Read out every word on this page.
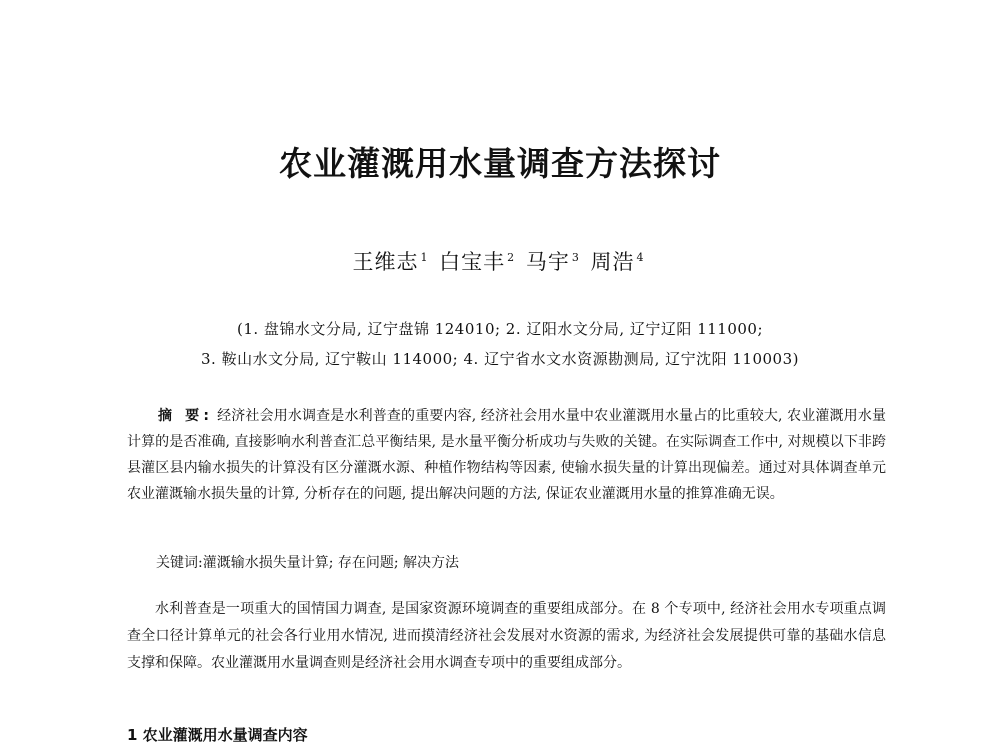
农业灌溉用水量调查方法探讨
王维志 $^1$ 白宝丰 $^2$ 马宇 $^3$ 周浩 $^4$
(1. 盘锦水文分局, 辽宁盘锦 124010; 2. 辽阳水文分局, 辽宁辽阳 111000;
3. 鞍山水文分局, 辽宁鞍山 114000; 4. 辽宁省水文水资源勘测局, 辽宁沈阳 110003)

摘 要: 经济社会用水调查是水利普查的重要内容, 经济社会用水量中农业灌溉用水量占的比重较大, 农业灌溉用水量计算的是否准确, 直接影响水利普查汇总平衡结果, 是水量平衡分析成功与失败的关键。在实际调查工作中, 对规模以下非跨县灌区县内输水损失的计算没有区分灌溉水源、种植作物结构等因素, 使输水损失量的计算出现偏差。通过对具体调查单元农业灌溉输水损失量的计算, 分析存在的问题, 提出解决问题的方法, 保证农业灌溉用水量的推算准确无误。

关键词:灌溉输水损失量计算; 存在问题; 解决方法

水利普查是一项重大的国情国力调查, 是国家资源环境调查的重要组成部分。在 8 个专项中, 经济社会用水专项重点调查全口径计算单元的社会各行业用水情况, 进而摸清经济社会发展对水资源的需求, 为经济社会发展提供可靠的基础水信息支撑和保障。农业灌溉用水量调查则是经济社会用水调查专项中的重要组成部分。

1 农业灌溉用水量调查内容
